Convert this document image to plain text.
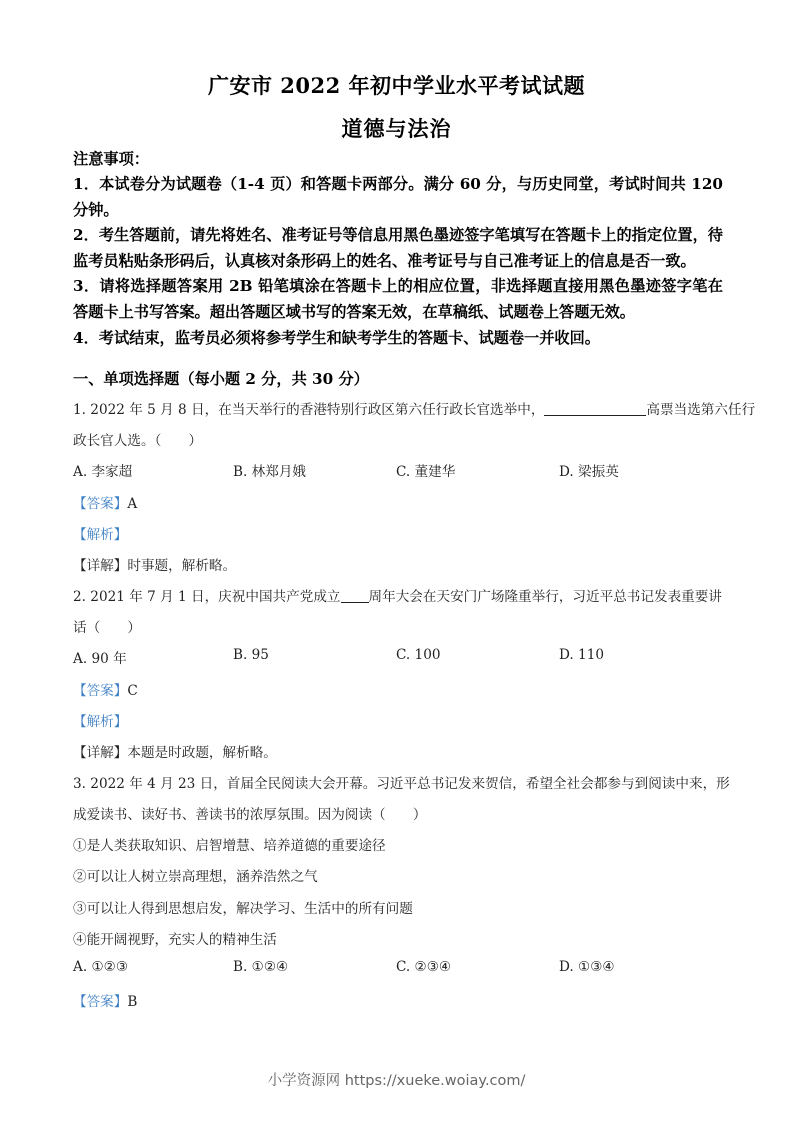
广安市 2022 年初中学业水平考试试题
道德与法治
注意事项：

1．本试卷分为试题卷（1-4 页）和答题卡两部分。满分 60 分，与历史同堂，考试时间共 120 分钟。

2．考生答题前，请先将姓名、准考证号等信息用黑色墨迹签字笔填写在答题卡上的指定位置，待监考员粘贴条形码后，认真核对条形码上的姓名、准考证号与自己准考证上的信息是否一致。

3．请将选择题答案用 2B 铅笔填涂在答题卡上的相应位置，非选择题直接用黑色墨迹签字笔在答题卡上书写答案。超出答题区域书写的答案无效，在草稿纸、试题卷上答题无效。

4．考试结束，监考员必须将参考学生和缺考学生的答题卡、试题卷一并收回。

一、单项选择题（每小题 2 分，共 30 分）
1. 2022 年 5 月 8 日，在当天举行的香港特别行政区第六任行政长官选举中，	高票当选第六任行
政长官人选。（　　）
A. 李家超	B. 林郑月娥	C. 董建华	D. 梁振英
【答案】A
【解析】
【详解】时事题，解析略。
2. 2021 年 7 月 1 日，庆祝中国共产党成立 周年大会在天安门广场隆重举行，习近平总书记发表重要讲
话（　　）
A. 90 年	B. 95	C. 100	D. 110
【答案】C
【解析】
【详解】本题是时政题，解析略。
3. 2022 年 4 月 23 日，首届全民阅读大会开幕。习近平总书记发来贺信，希望全社会都参与到阅读中来，形
成爱读书、读好书、善读书的浓厚氛围。因为阅读（　　）
①是人类获取知识、启智增慧、培养道德的重要途径
②可以让人树立崇高理想，涵养浩然之气
③可以让人得到思想启发，解决学习、生活中的所有问题
④能开阔视野，充实人的精神生活
A. ①②③	B. ①②④	C. ②③④	D. ①③④
【答案】B
小学资源网 https://xueke.woiay.com/
